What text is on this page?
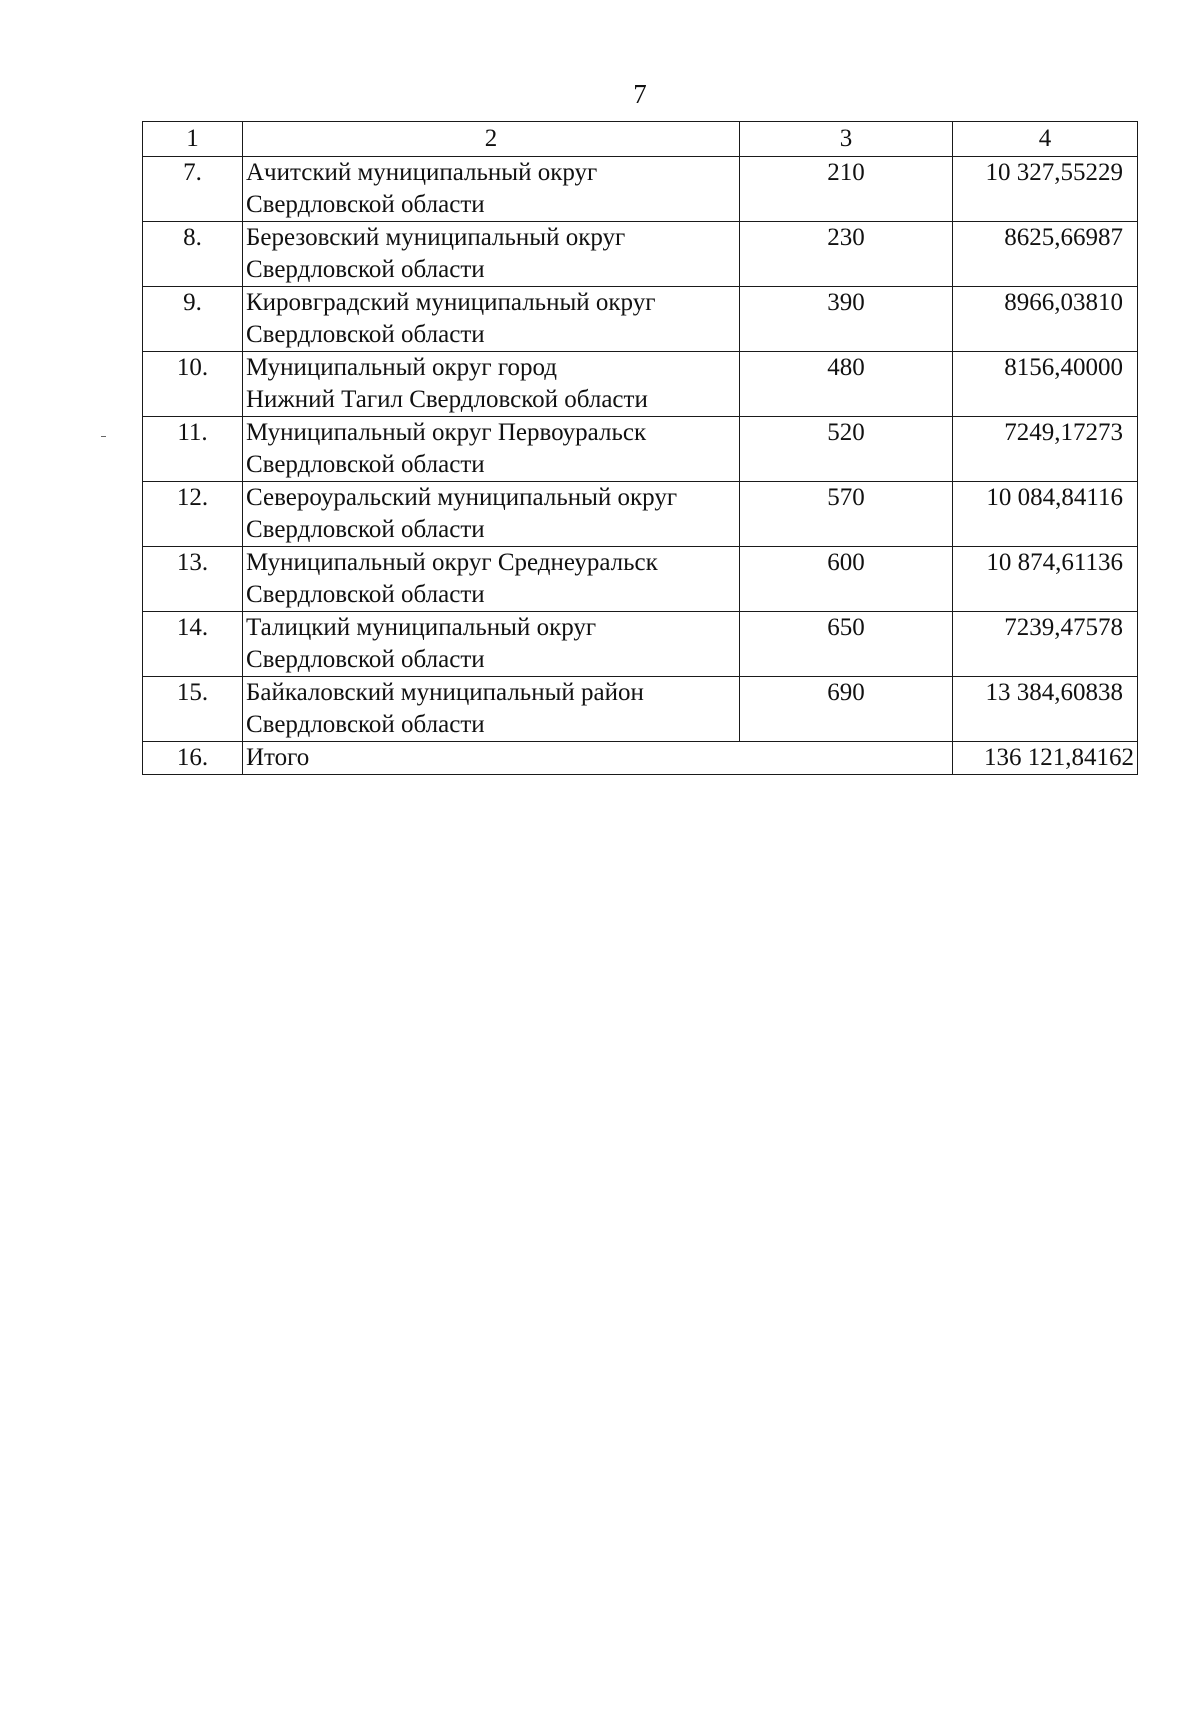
7
1	2	3	4
7.	Ачитский муниципальный округ
Свердловской области	210	10 327,55229
8.	Березовский муниципальный округ
Свердловской области	230	8625,66987
9.	Кировградский муниципальный округ
Свердловской области	390	8966,03810
10.	Муниципальный округ город
Нижний Тагил Свердловской области	480	8156,40000
11.	Муниципальный округ Первоуральск
Свердловской области	520	7249,17273
12.	Североуральский муниципальный округ
Свердловской области	570	10 084,84116
13.	Муниципальный округ Среднеуральск
Свердловской области	600	10 874,61136
14.	Талицкий муниципальный округ
Свердловской области	650	7239,47578
15.	Байкаловский муниципальный район
Свердловской области	690	13 384,60838
16.	Итого		136 121,84162
